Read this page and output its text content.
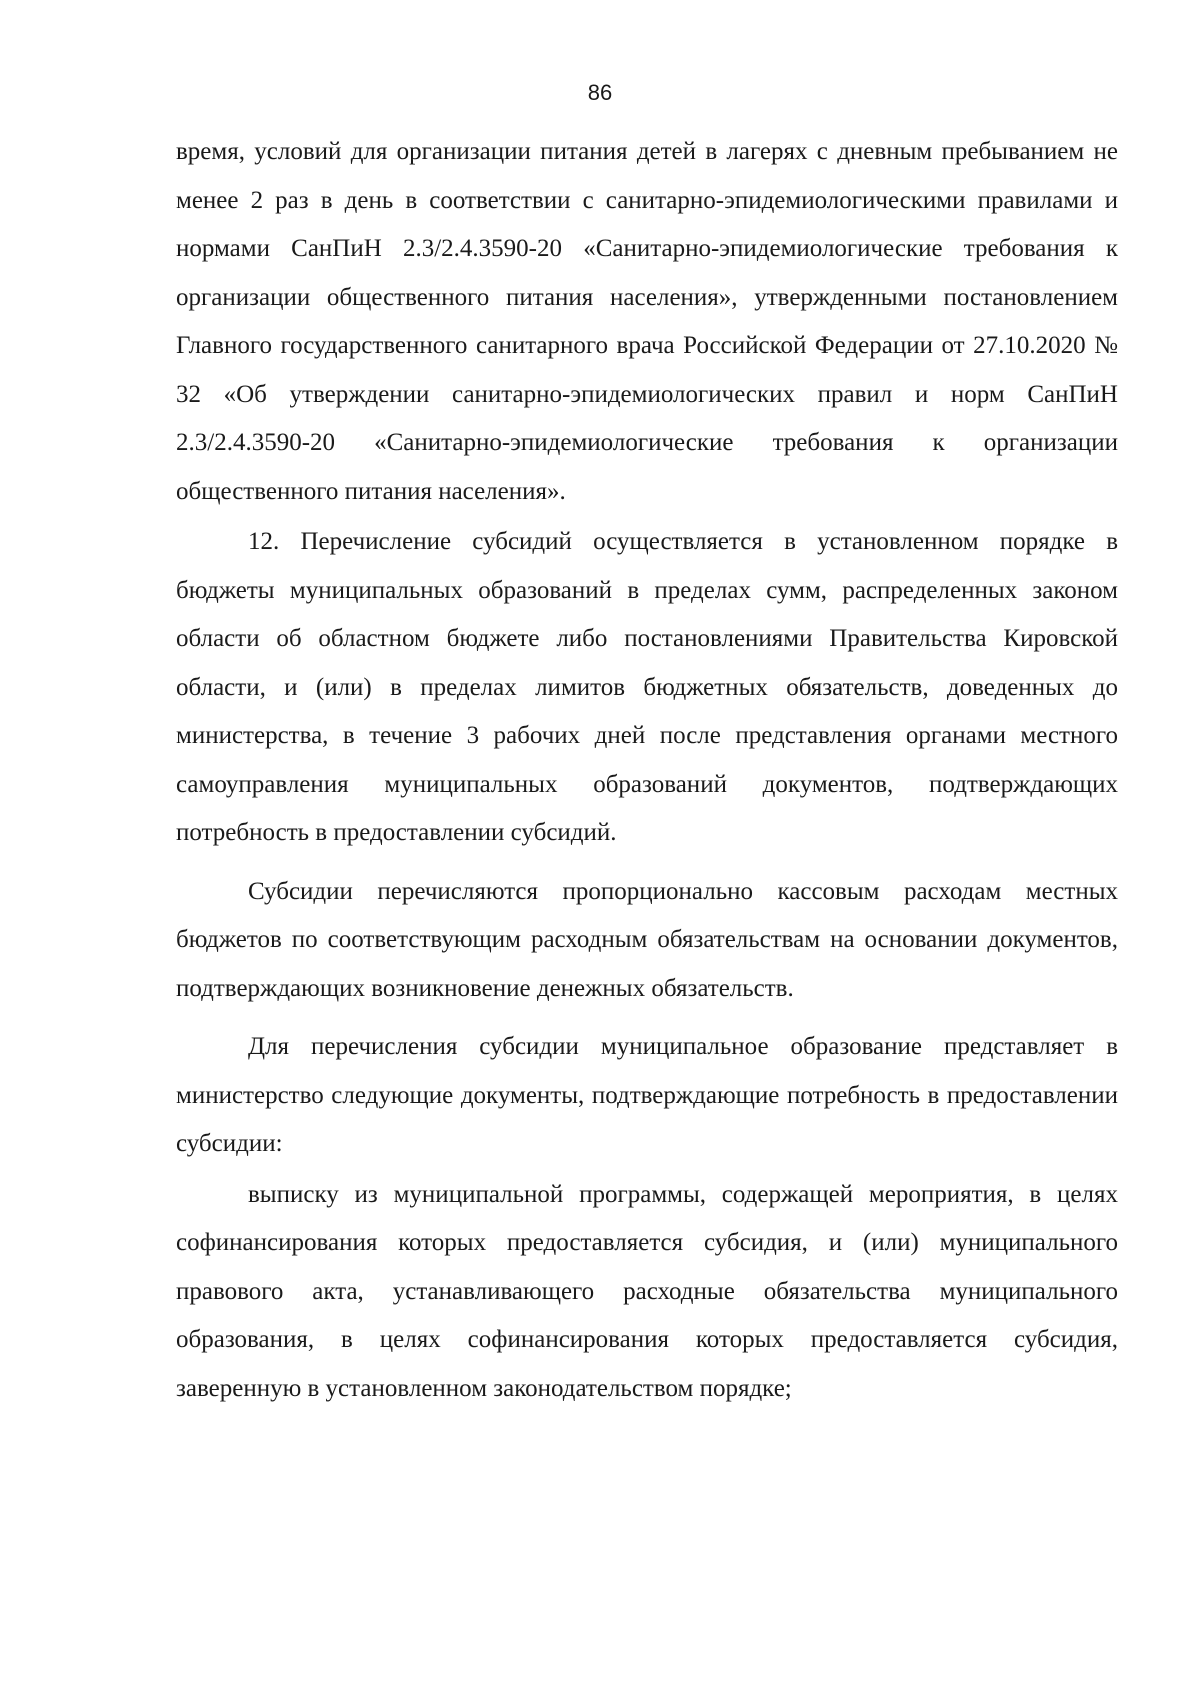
86

время, условий для организации питания детей в лагерях с дневным пребыванием не менее 2 раз в день в соответствии с санитарно-эпидемиологическими правилами и нормами СанПиН 2.3/2.4.3590-20 «Санитарно-эпидемиологические требования к организации общественного питания населения», утвержденными постановлением Главного государственного санитарного врача Российской Федерации от 27.10.2020 № 32 «Об утверждении санитарно-эпидемиологических правил и норм СанПиН 2.3/2.4.3590-20 «Санитарно-эпидемиологические требования к организации общественного питания населения».

12. Перечисление субсидий осуществляется в установленном порядке в бюджеты муниципальных образований в пределах сумм, распределенных законом области об областном бюджете либо постановлениями Правительства Кировской области, и (или) в пределах лимитов бюджетных обязательств, доведенных до министерства, в течение 3 рабочих дней после представления органами местного самоуправления муниципальных образований документов, подтверждающих потребность в предоставлении субсидий.

Субсидии перечисляются пропорционально кассовым расходам местных бюджетов по соответствующим расходным обязательствам на основании документов, подтверждающих возникновение денежных обязательств.

Для перечисления субсидии муниципальное образование представляет в министерство следующие документы, подтверждающие потребность в предоставлении субсидии:

выписку из муниципальной программы, содержащей мероприятия, в целях софинансирования которых предоставляется субсидия, и (или) муниципального правового акта, устанавливающего расходные обязательства муниципального образования, в целях софинансирования которых предоставляется субсидия, заверенную в установленном законодательством порядке;
